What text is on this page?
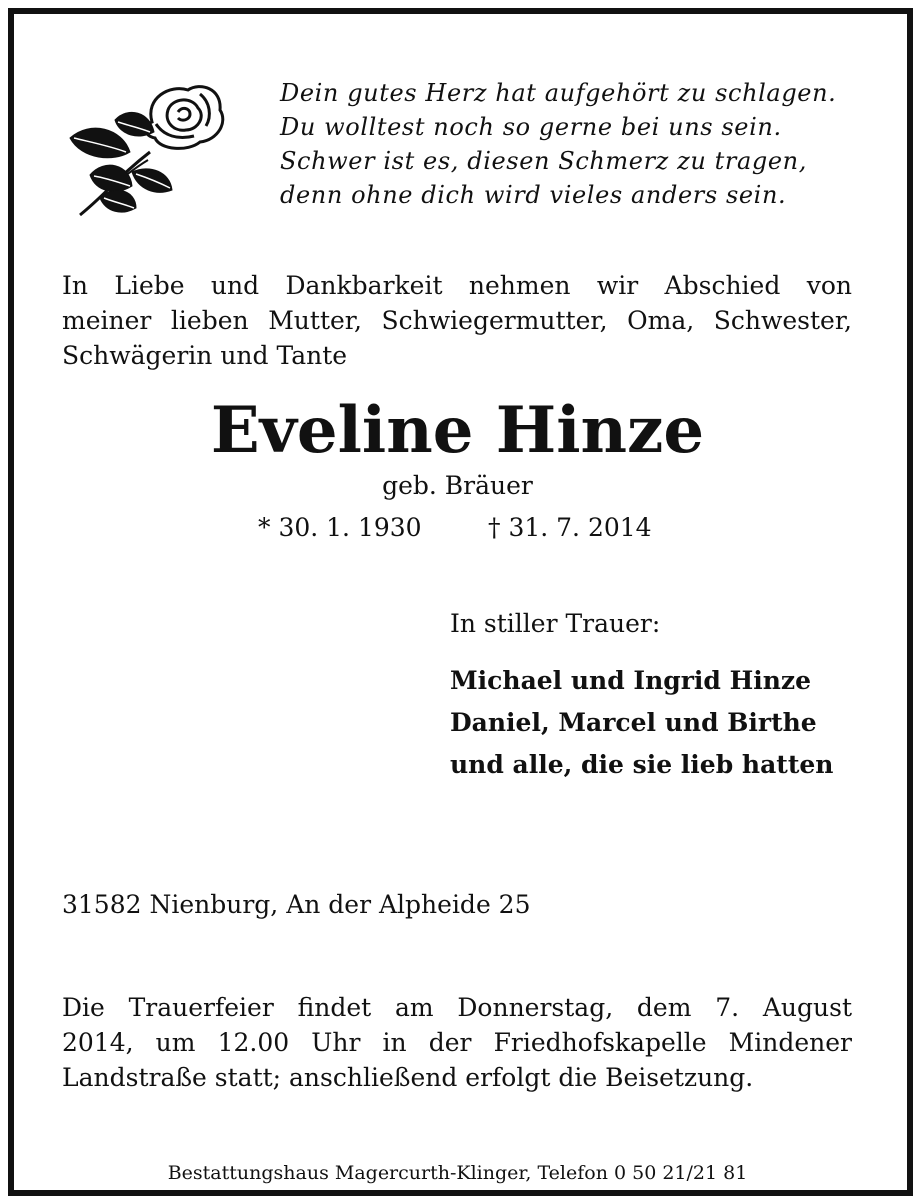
Dein gutes Herz hat aufgehört zu schlagen.
Du wolltest noch so gerne bei uns sein.
Schwer ist es, diesen Schmerz zu tragen,
denn ohne dich wird vieles anders sein.
In Liebe und Dankbarkeit nehmen wir Abschied von
meiner lieben Mutter, Schwiegermutter, Oma, Schwester,
Schwägerin und Tante
Eveline Hinze
geb. Bräuer
* 30. 1. 1930	† 31. 7. 2014
In stiller Trauer:
Michael und Ingrid Hinze
Daniel, Marcel und Birthe
und alle, die sie lieb hatten
31582 Nienburg, An der Alpheide 25
Die Trauerfeier findet am Donnerstag, dem 7. August
2014, um 12.00 Uhr in der Friedhofskapelle Mindener
Landstraße statt; anschließend erfolgt die Beisetzung.
Bestattungshaus Magercurth-Klinger, Telefon 0 50 21/21 81
